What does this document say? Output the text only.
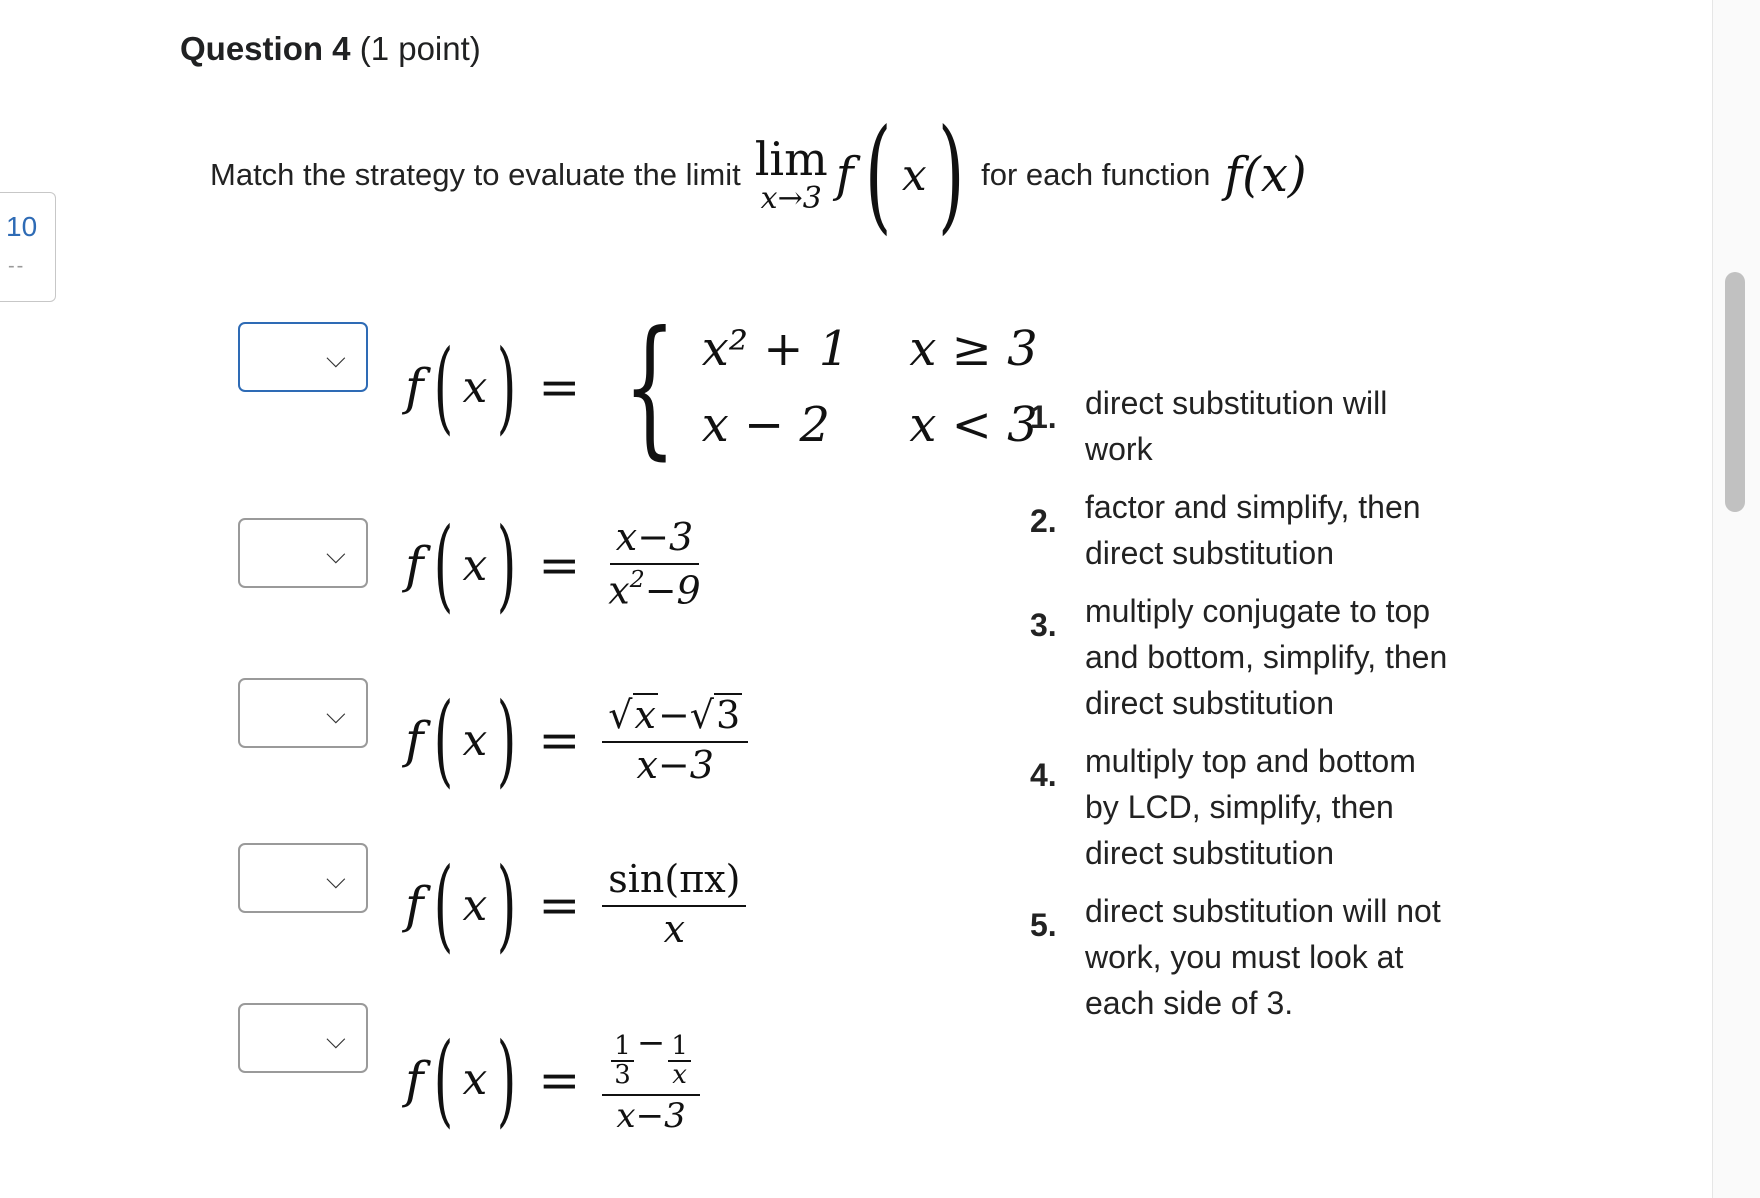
Question 4 (1 point)
10
--
Match the strategy to evaluate the limit lim
x→3 f ( x ) for each function f(x)
⌵
⌵
⌵
⌵
⌵
f ( x ) = { x² + 1 x ≥ 3
x − 2	x < 3
f ( x ) = $\frac{x-3}{x^2-9}$
f ( x ) = $\frac{√x-√3}{x-3}$
f ( x ) = $\frac{\sin(\pi x)}{x}$
f ( x ) = $\frac{\frac{1}{3} - \frac{1}{x}}{x-3}$
1. direct substitution will work
2. factor and simplify, then direct substitution
3. multiply conjugate to top and bottom, simplify, then direct substitution
4. multiply top and bottom by LCD, simplify, then direct substitution
5. direct substitution will not work, you must look at each side of 3.
